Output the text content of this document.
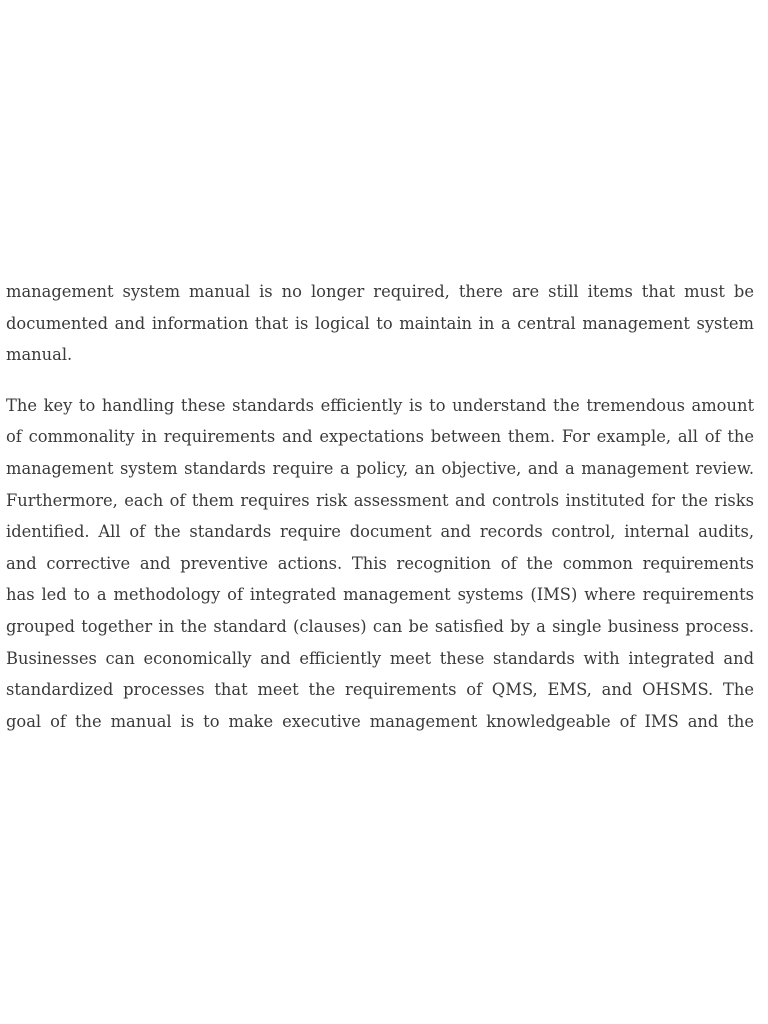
management system manual is no longer required, there are still items that must be
documented and information that is logical to maintain in a central management system
manual.
The key to handling these standards efficiently is to understand the tremendous amount
of commonality in requirements and expectations between them. For example, all of the
management system standards require a policy, an objective, and a management review.
Furthermore, each of them requires risk assessment and controls instituted for the risks
identified. All of the standards require document and records control, internal audits,
and corrective and preventive actions. This recognition of the common requirements
has led to a methodology of integrated management systems (IMS) where requirements
grouped together in the standard (clauses) can be satisfied by a single business process.
Businesses can economically and efficiently meet these standards with integrated and
standardized processes that meet the requirements of QMS, EMS, and OHSMS. The
goal of the manual is to make executive management knowledgeable of IMS and the
